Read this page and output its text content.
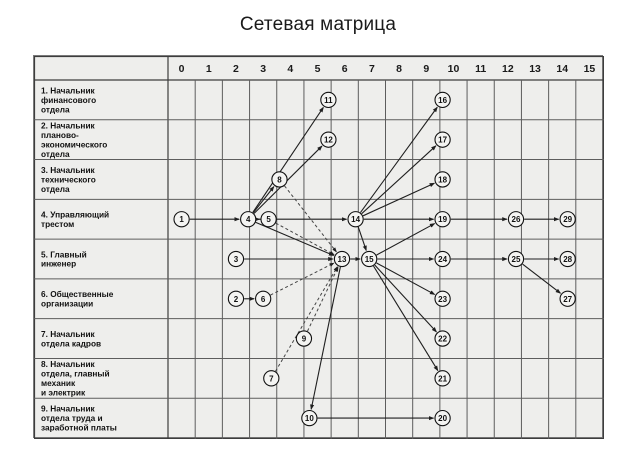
Сетевая матрица
0 1 2 3 4 5 6 7 8 9 10 11 12 13 14 15
1. Начальник
финансового
отдела
2. Начальник
планово-
экономического
отдела
3. Начальник
технического
отдела
4. Управляющий
трестом
5. Главный
инженер
6. Общественные
организации
7. Начальник
отдела кадров
8. Начальник
отдела, главный
механик
и электрик
9. Начальник
отдела труда и
заработной платы
1
2
3
4 5
6
7
8
9
10
11
12
13
14
15
16
17
18
19
20
21
22
23
24	25
26
27
28
29
